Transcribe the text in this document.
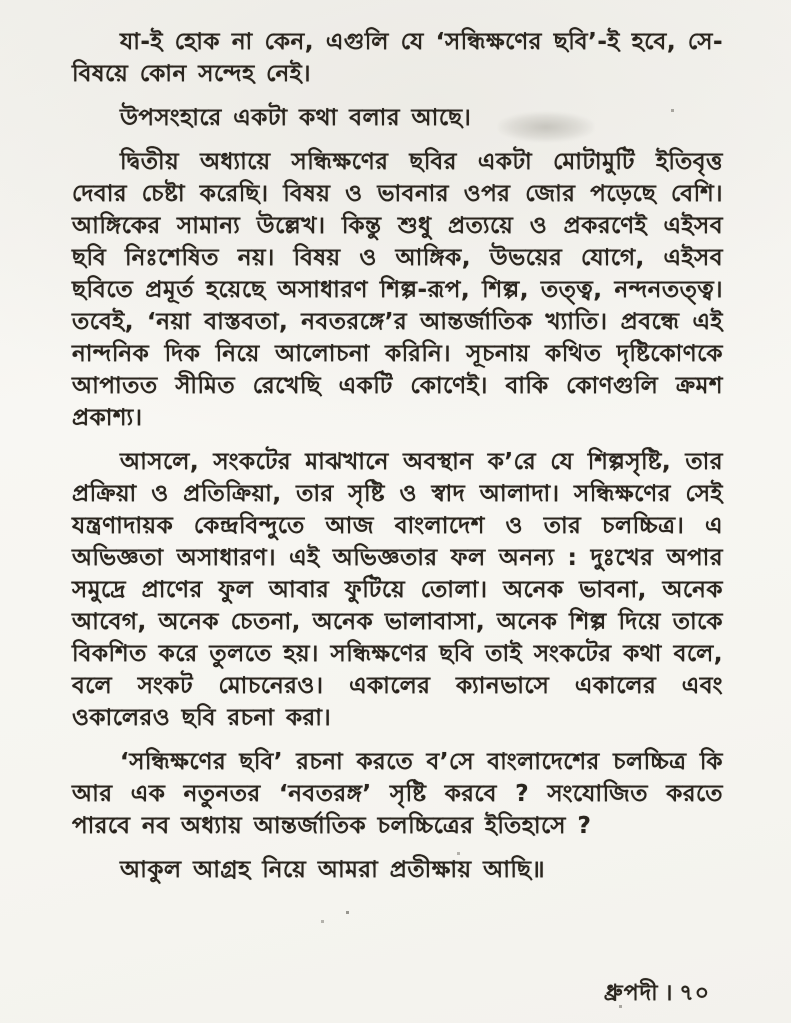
যা-ই হোক না কেন, এগুলি যে ‘সন্ধিক্ষণের ছবি’-ই হবে, সে-বিষয়ে কোন সন্দেহ নেই।

উপসংহারে একটা কথা বলার আছে।

দ্বিতীয় অধ্যায়ে সন্ধিক্ষণের ছবির একটা মোটামুটি ইতিবৃত্ত দেবার চেষ্টা করেছি। বিষয় ও ভাবনার ওপর জোর পড়েছে বেশি। আঙ্গিকের সামান্য উল্লেখ। কিন্তু শুধু প্রত্যয়ে ও প্রকরণেই এইসব ছবি নিঃশেষিত নয়। বিষয় ও আঙ্গিক, উভয়ের যোগে, এইসব ছবিতে প্রমূর্ত হয়েছে অসাধারণ শিল্প-রূপ, শিল্প, তত্ত্ব, নন্দনতত্ত্ব। তবেই, ‘নয়া বাস্তবতা, নবতরঙ্গে’র আন্তর্জাতিক খ্যাতি। প্রবন্ধে এই নান্দনিক দিক নিয়ে আলোচনা করিনি। সূচনায় কথিত দৃষ্টিকোণকে আপাতত সীমিত রেখেছি একটি কোণেই। বাকি কোণগুলি ক্রমশ প্রকাশ্য।

আসলে, সংকটের মাঝখানে অবস্থান ক’রে যে শিল্পসৃষ্টি, তার প্রক্রিয়া ও প্রতিক্রিয়া, তার সৃষ্টি ও স্বাদ আলাদা। সন্ধিক্ষণের সেই যন্ত্রণাদায়ক কেন্দ্রবিন্দুতে আজ বাংলাদেশ ও তার চলচ্চিত্র। এ অভিজ্ঞতা অসাধারণ। এই অভিজ্ঞতার ফল অনন্য : দুঃখের অপার সমুদ্রে প্রাণের ফুল আবার ফুটিয়ে তোলা। অনেক ভাবনা, অনেক আবেগ, অনেক চেতনা, অনেক ভালাবাসা, অনেক শিল্প দিয়ে তাকে বিকশিত করে তুলতে হয়। সন্ধিক্ষণের ছবি তাই সংকটের কথা বলে, বলে সংকট মোচনেরও। একালের ক্যানভাসে একালের এবং ওকালেরও ছবি রচনা করা।

‘সন্ধিক্ষণের ছবি’ রচনা করতে ব’সে বাংলাদেশের চলচ্চিত্র কি আর এক নতুনতর ‘নবতরঙ্গ’ সৃষ্টি করবে ? সংযোজিত করতে পারবে নব অধ্যায় আন্তর্জাতিক চলচ্চিত্রের ইতিহাসে ?

আকুল আগ্রহ নিয়ে আমরা প্রতীক্ষায় আছি॥

ধ্রুপদী । ৭০
